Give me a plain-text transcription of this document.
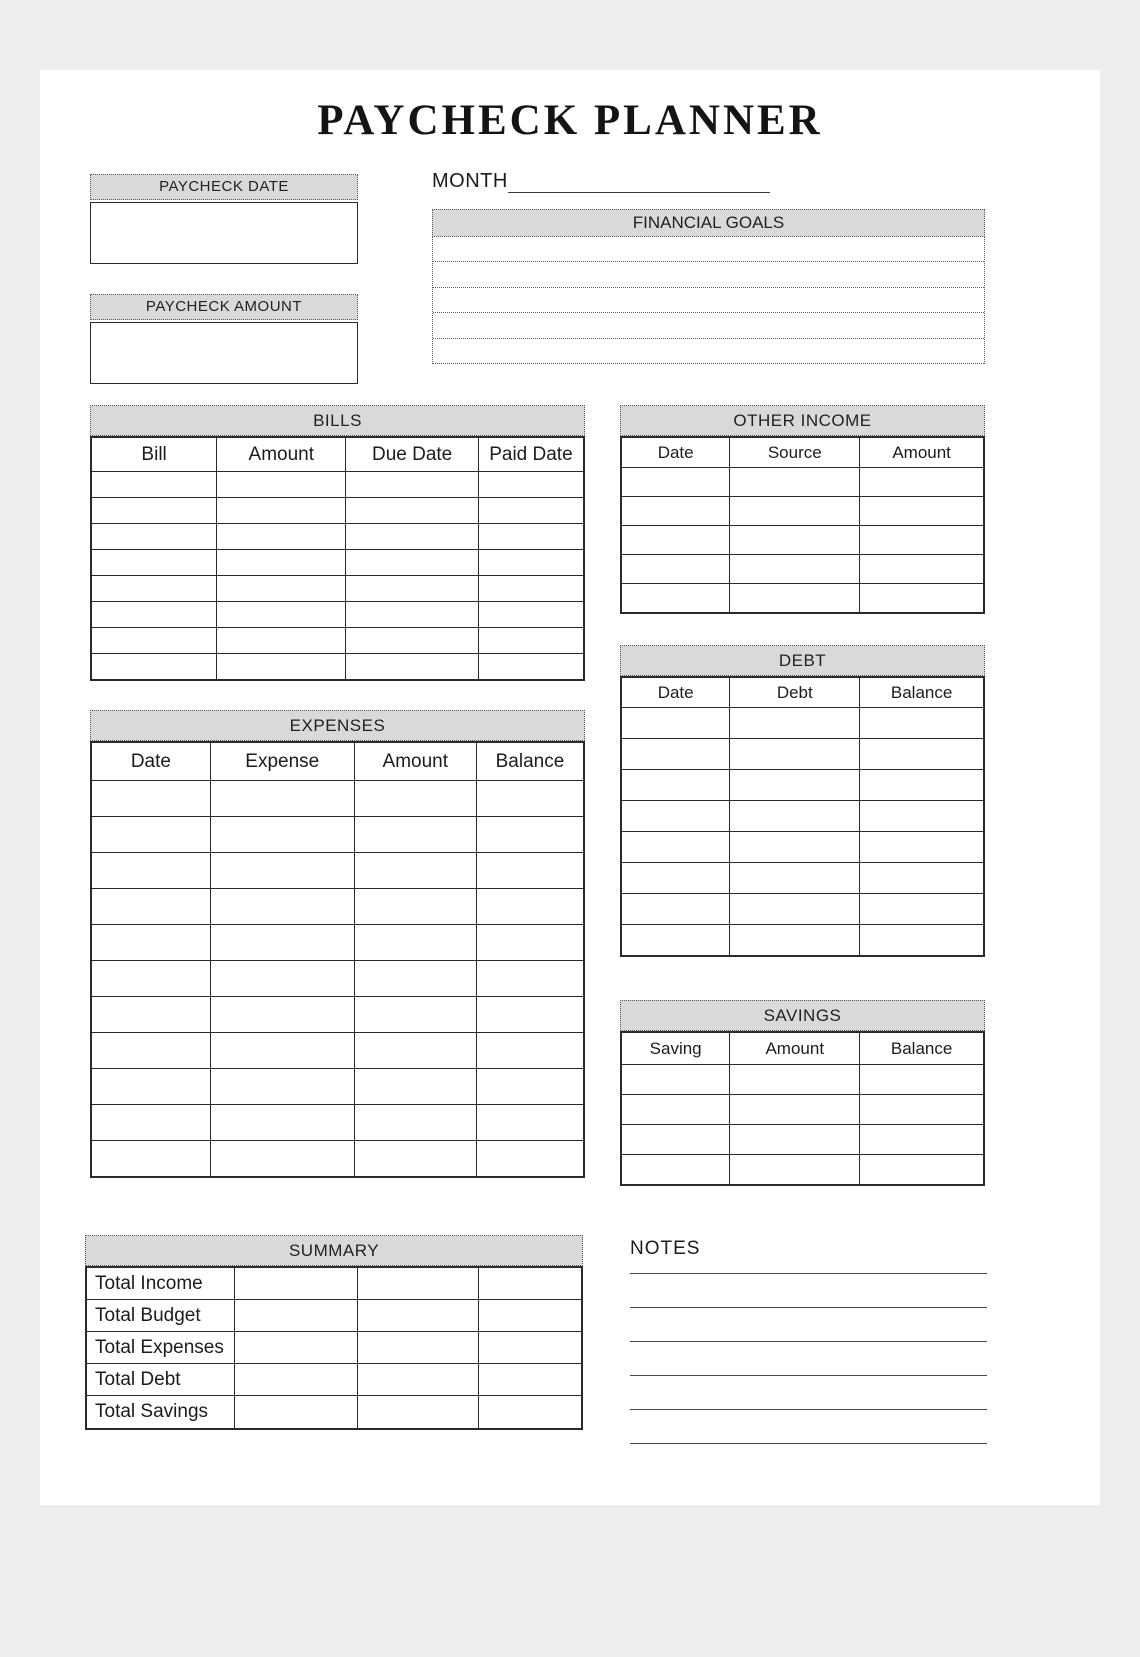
PAYCHECK PLANNER
PAYCHECK DATE
PAYCHECK AMOUNT
MONTH
FINANCIAL GOALS
BILLS
Bill	Amount	Due Date	Paid Date
OTHER INCOME
Date	Source	Amount
DEBT
Date	Debt	Balance
EXPENSES
Date	Expense	Amount	Balance
SAVINGS
Saving	Amount	Balance
SUMMARY
Total Income
Total Budget
Total Expenses
Total Debt
Total Savings
NOTES
